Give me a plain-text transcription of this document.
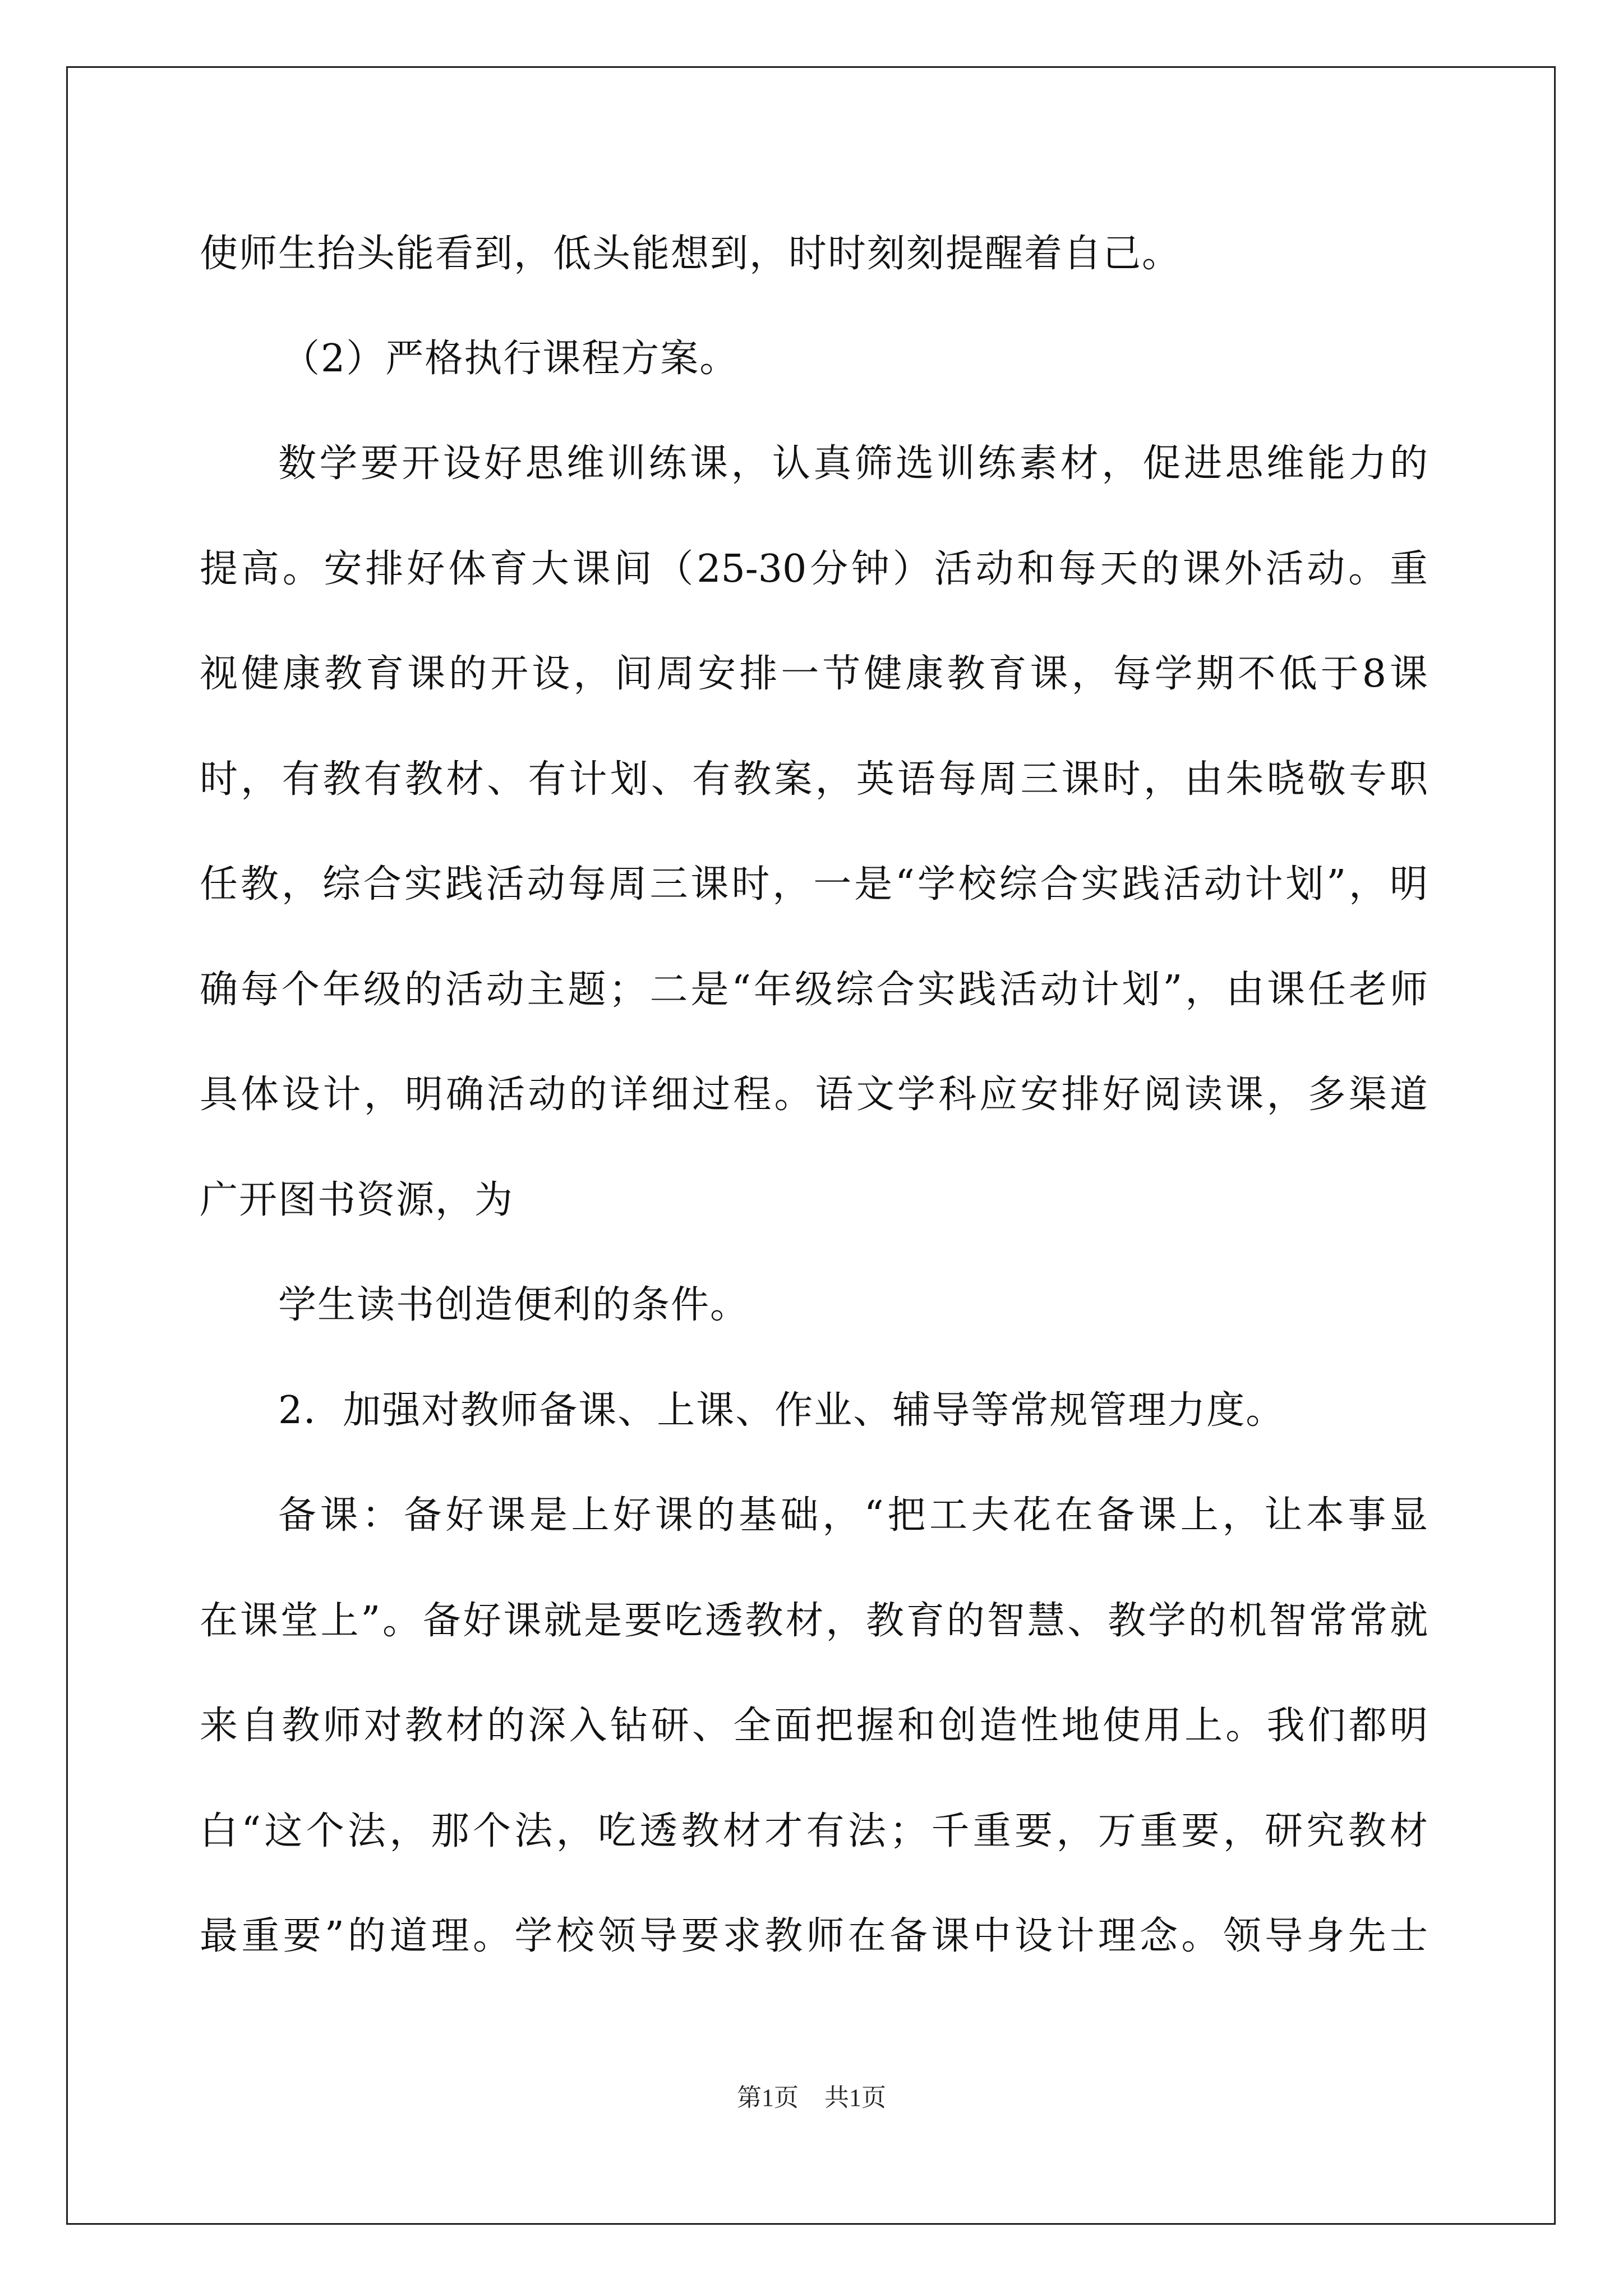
使师生抬头能看到，低头能想到，时时刻刻提醒着自己。
（2）严格执行课程方案。
数学要开设好思维训练课，认真筛选训练素材，促进思维能力的
提高。安排好体育大课间（25-30分钟）活动和每天的课外活动。重
视健康教育课的开设，间周安排一节健康教育课，每学期不低于8课
时，有教有教材、有计划、有教案，英语每周三课时，由朱晓敬专职
任教，综合实践活动每周三课时，一是“学校综合实践活动计划”，明
确每个年级的活动主题；二是“年级综合实践活动计划”，由课任老师
具体设计，明确活动的详细过程。语文学科应安排好阅读课，多渠道
广开图书资源，为
学生读书创造便利的条件。
2．加强对教师备课、上课、作业、辅导等常规管理力度。
备课：备好课是上好课的基础，“把工夫花在备课上，让本事显
在课堂上”。备好课就是要吃透教材，教育的智慧、教学的机智常常就
来自教师对教材的深入钻研、全面把握和创造性地使用上。我们都明
白“这个法，那个法，吃透教材才有法；千重要，万重要，研究教材
最重要”的道理。学校领导要求教师在备课中设计理念。领导身先士
第1页 共1页
